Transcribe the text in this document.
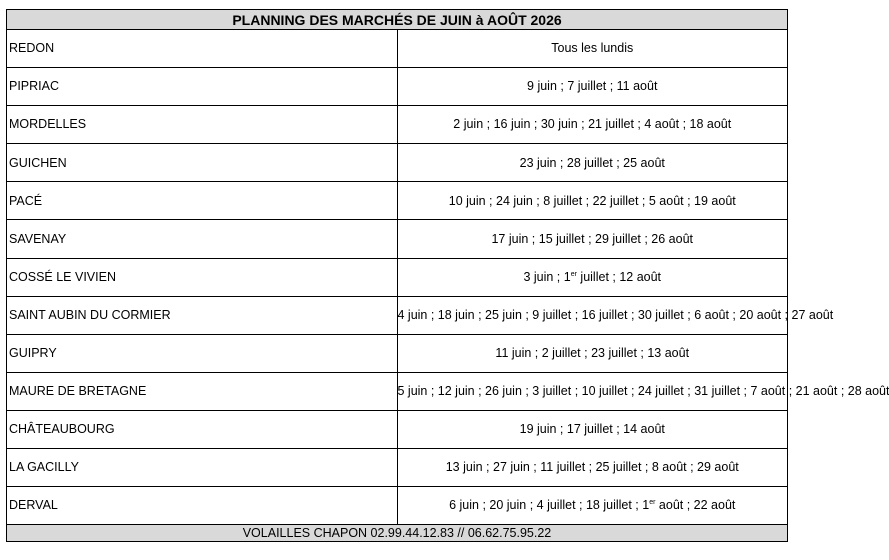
PLANNING DES MARCHÉS DE JUIN à AOÛT 2026	
REDON	Tous les lundis
PIPRIAC	9 juin ; 7 juillet ; 11 août
MORDELLES	2 juin ; 16 juin ; 30 juin ; 21 juillet ; 4 août ; 18 août
GUICHEN	23 juin ; 28 juillet ; 25 août
PACÉ	10 juin ; 24 juin ; 8 juillet ; 22 juillet ; 5 août ; 19 août
SAVENAY	17 juin ; 15 juillet ; 29 juillet ; 26 août
COSSÉ LE VIVIEN	3 juin ; 1er juillet ; 12 août
SAINT AUBIN DU CORMIER	4 juin ; 18 juin ; 25 juin ; 9 juillet ; 16 juillet ; 30 juillet ; 6 août ; 20 août ; 27 août
GUIPRY	11 juin ; 2 juillet ; 23 juillet ; 13 août
MAURE DE BRETAGNE	5 juin ; 12 juin ; 26 juin ; 3 juillet ; 10 juillet ; 24 juillet ; 31 juillet ; 7 août ; 21 août ; 28 août
CHÂTEAUBOURG	19 juin ; 17 juillet ; 14 août
LA GACILLY	13 juin ; 27 juin ; 11 juillet ; 25 juillet ; 8 août ; 29 août
DERVAL	6 juin ; 20 juin ; 4 juillet ; 18 juillet ; 1er août ; 22 août
VOLAILLES CHAPON 02.99.44.12.83 // 06.62.75.95.22	
